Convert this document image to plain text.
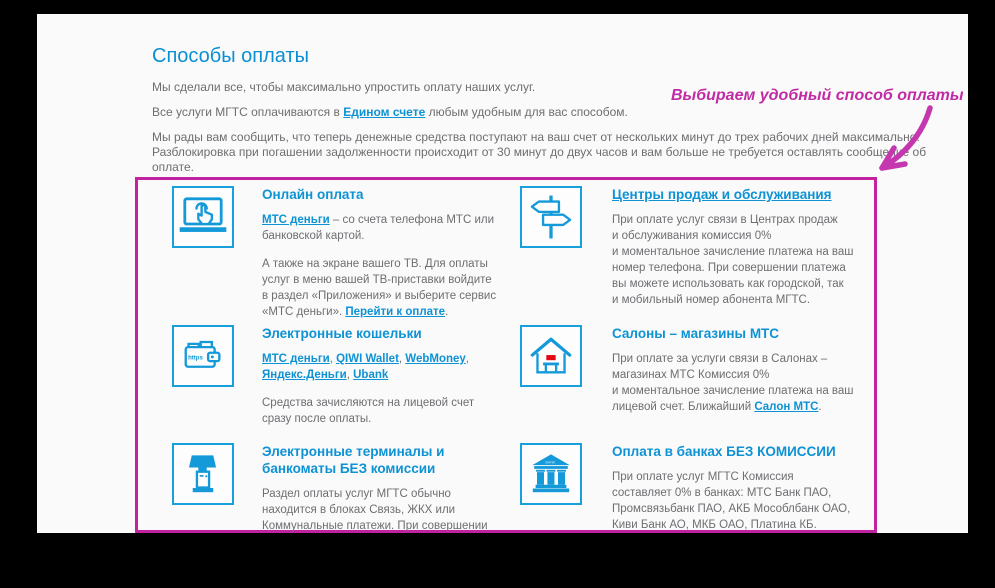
Способы оплаты

Мы сделали все, чтобы максимально упростить оплату наших услуг.

Все услуги МГТС оплачиваются в Едином счете любым удобным для вас способом.

Мы рады вам сообщить, что теперь денежные средства поступают на ваш счет от нескольких минут до трех рабочих дней максимально.
Разблокировка при погашении задолженности происходит от 30 минут до двух часов и вам больше не требуется оставлять сообщение об
оплате.

Выбираем удобный способ оплаты
Онлайн оплата

МТС деньги – со счета телефона МТС или банковской картой.

А также на экране вашего ТВ. Для оплаты услуг в меню вашей ТВ-приставки войдите в раздел «Приложения» и выберите сервис «МТС деньги». Перейти к оплате.

Центры продаж и обслуживания

При оплате услуг связи в Центрах продаж
и обслуживания комиссия 0%
и моментальное зачисление платежа на ваш
номер телефона. При совершении платежа
вы можете использовать как городской, так
и мобильный номер абонента МГТС.

https
Электронные кошельки

МТС деньги, QIWI Wallet, WebMoney, Яндекс.Деньги, Ubank

Средства зачисляются на лицевой счет сразу после оплаты.

Салоны – магазины МТС

При оплате за услуги связи в Салонах –
магазинах МТС Комиссия 0%
и моментальное зачисление платежа на ваш
лицевой счет. Ближайший Салон МТС.

Электронные терминалы и банкоматы БЕЗ комиссии

Раздел оплаты услуг МГТС обычно
находится в блоках Связь, ЖКХ или
Коммунальные платежи. При совершении

BANK
Оплата в банках БЕЗ КОМИССИИ

При оплате услуг МГТС Комиссия
составляет 0% в банках: МТС Банк ПАО,
Промсвязьбанк ПАО, АКБ Мособлбанк ОАО,
Киви Банк АО, МКБ ОАО, Платина КБ.
